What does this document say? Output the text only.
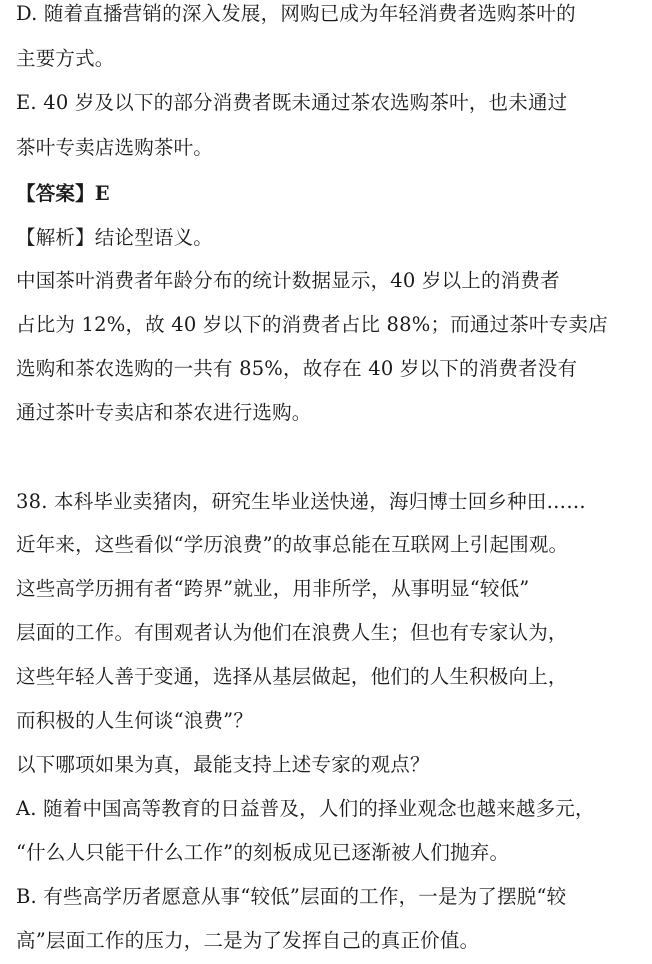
D. 随着直播营销的深入发展，网购已成为年轻消费者选购茶叶的
主要方式。
E. 40 岁及以下的部分消费者既未通过茶农选购茶叶，也未通过
茶叶专卖店选购茶叶。
【答案】E
【解析】结论型语义。
中国茶叶消费者年龄分布的统计数据显示，40 岁以上的消费者
占比为 12%，故 40 岁以下的消费者占比 88%；而通过茶叶专卖店
选购和茶农选购的一共有 85%，故存在 40 岁以下的消费者没有
通过茶叶专卖店和茶农进行选购。
38. 本科毕业卖猪肉，研究生毕业送快递，海归博士回乡种田……
近年来，这些看似“学历浪费”的故事总能在互联网上引起围观。
这些高学历拥有者“跨界”就业，用非所学，从事明显“较低”
层面的工作。有围观者认为他们在浪费人生；但也有专家认为，
这些年轻人善于变通，选择从基层做起，他们的人生积极向上，
而积极的人生何谈“浪费”？
以下哪项如果为真，最能支持上述专家的观点？
A. 随着中国高等教育的日益普及，人们的择业观念也越来越多元，
“什么人只能干什么工作”的刻板成见已逐渐被人们抛弃。
B. 有些高学历者愿意从事“较低”层面的工作，一是为了摆脱“较
高”层面工作的压力，二是为了发挥自己的真正价值。
